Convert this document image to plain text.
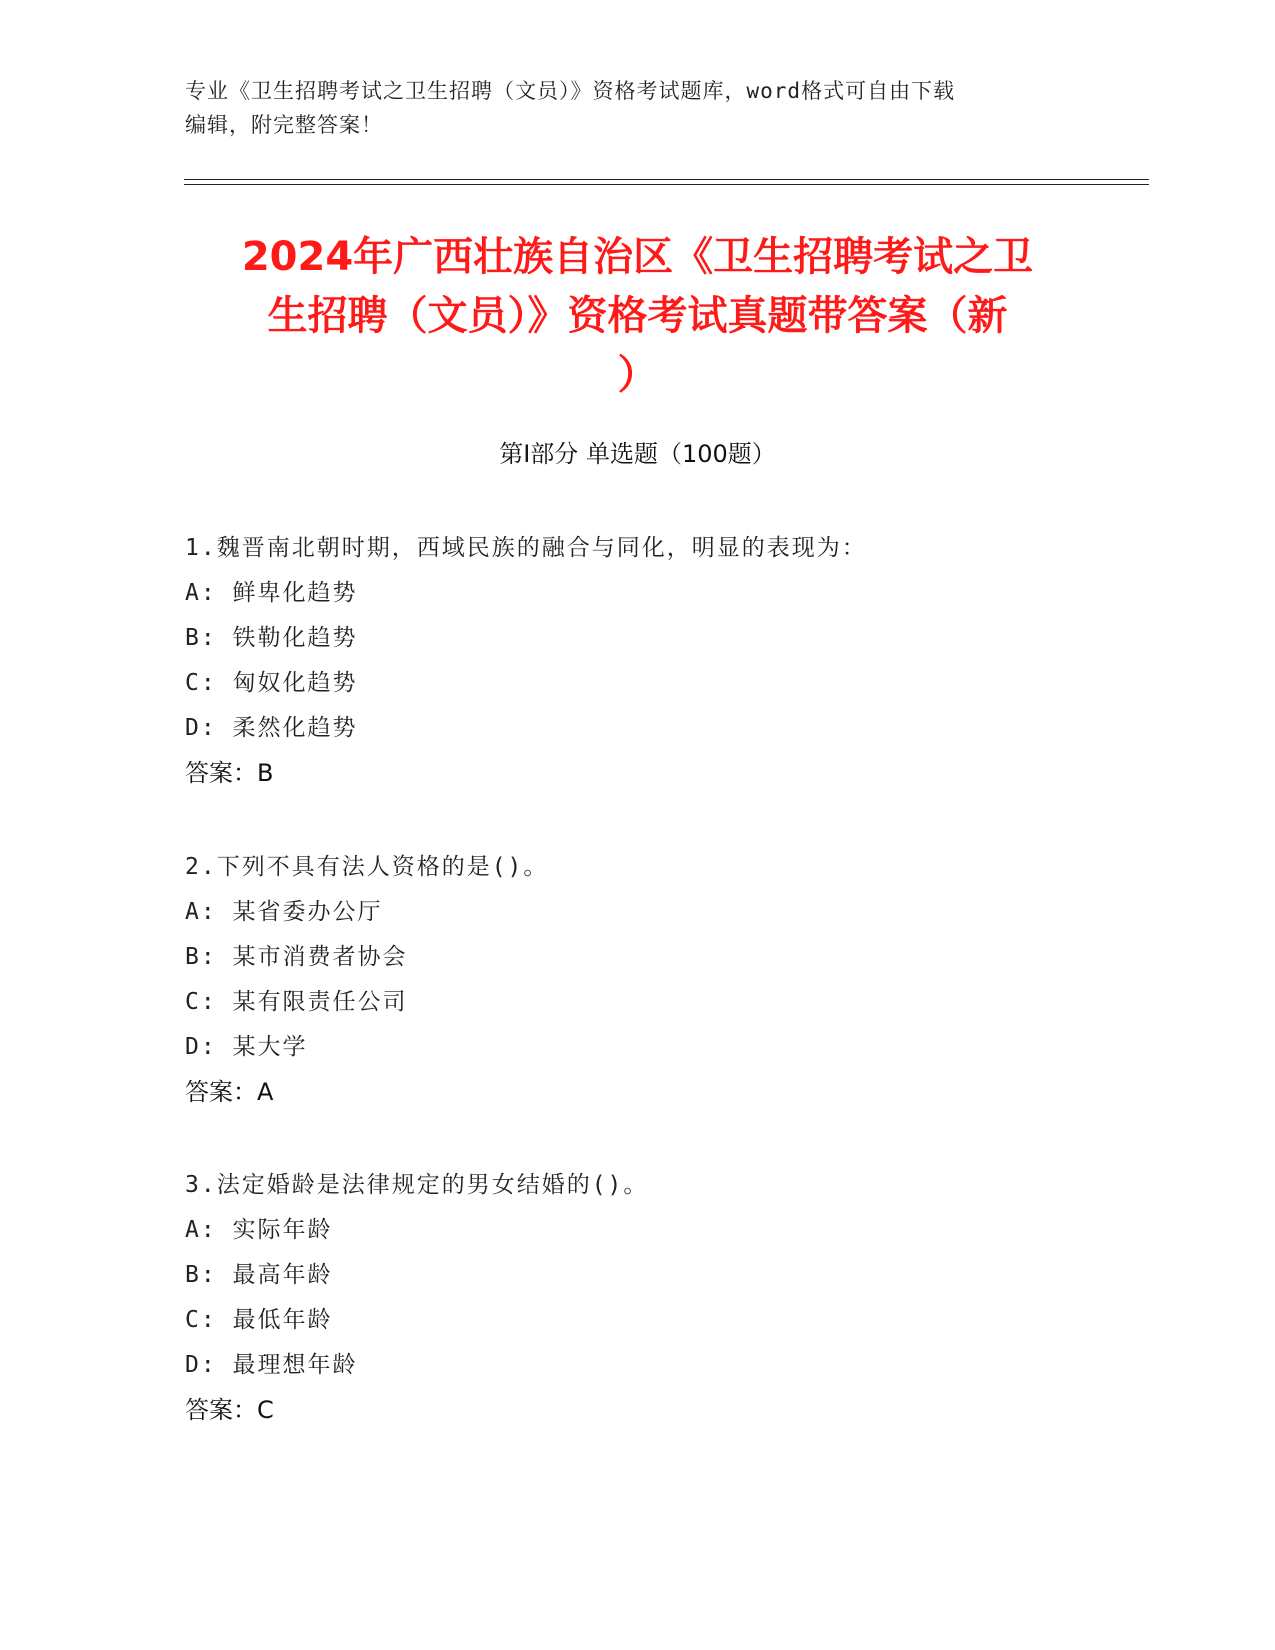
专业《卫生招聘考试之卫生招聘（文员）》资格考试题库，word格式可自由下载
编辑，附完整答案！
2024年广西壮族自治区《卫生招聘考试之卫
生招聘（文员）》资格考试真题带答案（新
）
第Ⅰ部分 单选题（100题）
1.魏晋南北朝时期，西域民族的融合与同化，明显的表现为：
A: 鲜卑化趋势
B: 铁勒化趋势
C: 匈奴化趋势
D: 柔然化趋势
答案：B
2.下列不具有法人资格的是()。
A: 某省委办公厅
B: 某市消费者协会
C: 某有限责任公司
D: 某大学
答案：A
3.法定婚龄是法律规定的男女结婚的()。
A: 实际年龄
B: 最高年龄
C: 最低年龄
D: 最理想年龄
答案：C
